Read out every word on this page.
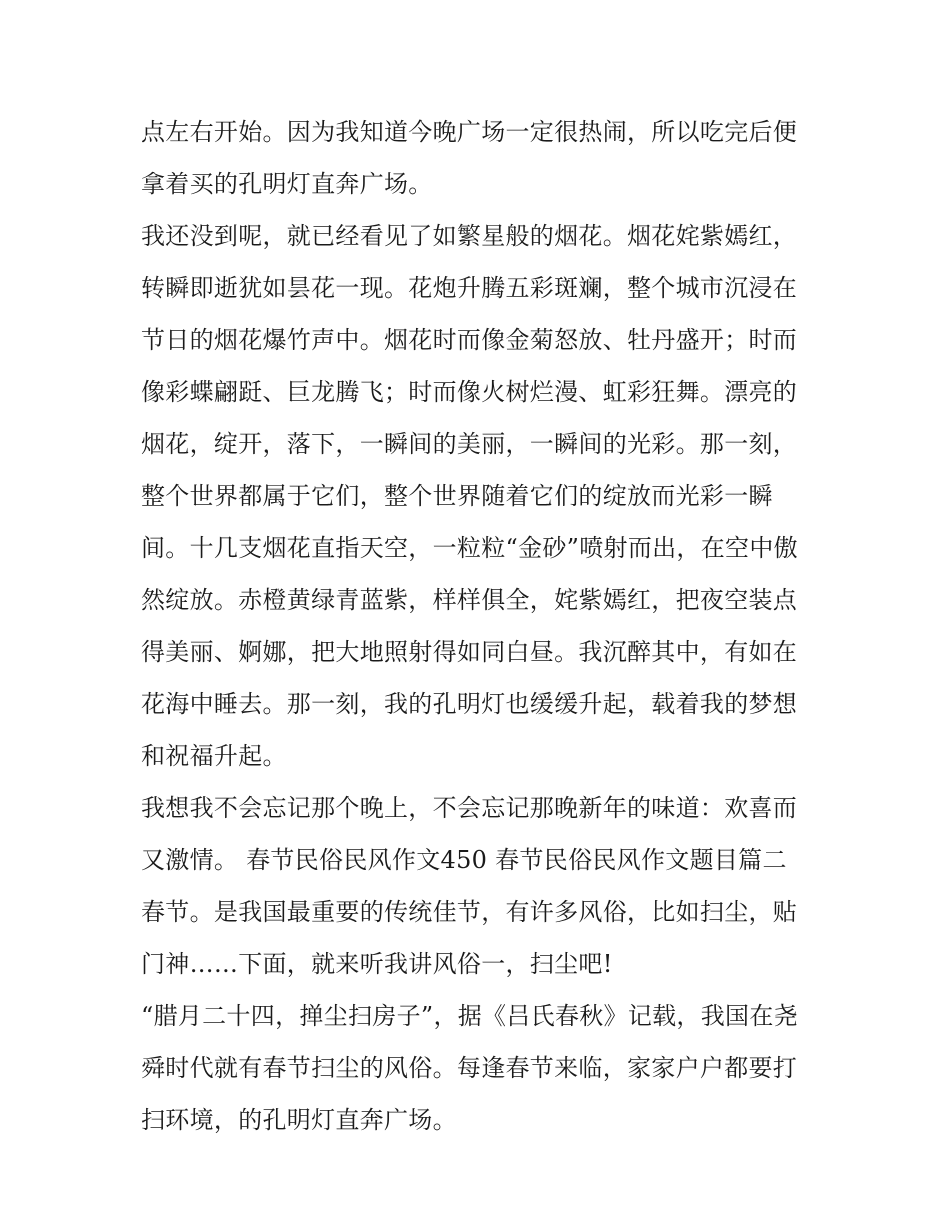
点左右开始。因为我知道今晚广场一定很热闹，所以吃完后便
拿着买的孔明灯直奔广场。
我还没到呢，就已经看见了如繁星般的烟花。烟花姹紫嫣红，
转瞬即逝犹如昙花一现。花炮升腾五彩斑斓，整个城市沉浸在
节日的烟花爆竹声中。烟花时而像金菊怒放、牡丹盛开；时而
像彩蝶翩跹、巨龙腾飞；时而像火树烂漫、虹彩狂舞。漂亮的
烟花，绽开，落下，一瞬间的美丽，一瞬间的光彩。那一刻，
整个世界都属于它们，整个世界随着它们的绽放而光彩一瞬
间。十几支烟花直指天空，一粒粒“金砂”喷射而出，在空中傲
然绽放。赤橙黄绿青蓝紫，样样俱全，姹紫嫣红，把夜空装点
得美丽、婀娜，把大地照射得如同白昼。我沉醉其中，有如在
花海中睡去。那一刻，我的孔明灯也缓缓升起，载着我的梦想
和祝福升起。
我想我不会忘记那个晚上，不会忘记那晚新年的味道：欢喜而
又激情。 春节民俗民风作文450 春节民俗民风作文题目篇二
春节。是我国最重要的传统佳节，有许多风俗，比如扫尘，贴
门神……下面，就来听我讲风俗一，扫尘吧!
“腊月二十四，掸尘扫房子”，据《吕氏春秋》记载，我国在尧
舜时代就有春节扫尘的风俗。每逢春节来临，家家户户都要打
扫环境，的孔明灯直奔广场。
